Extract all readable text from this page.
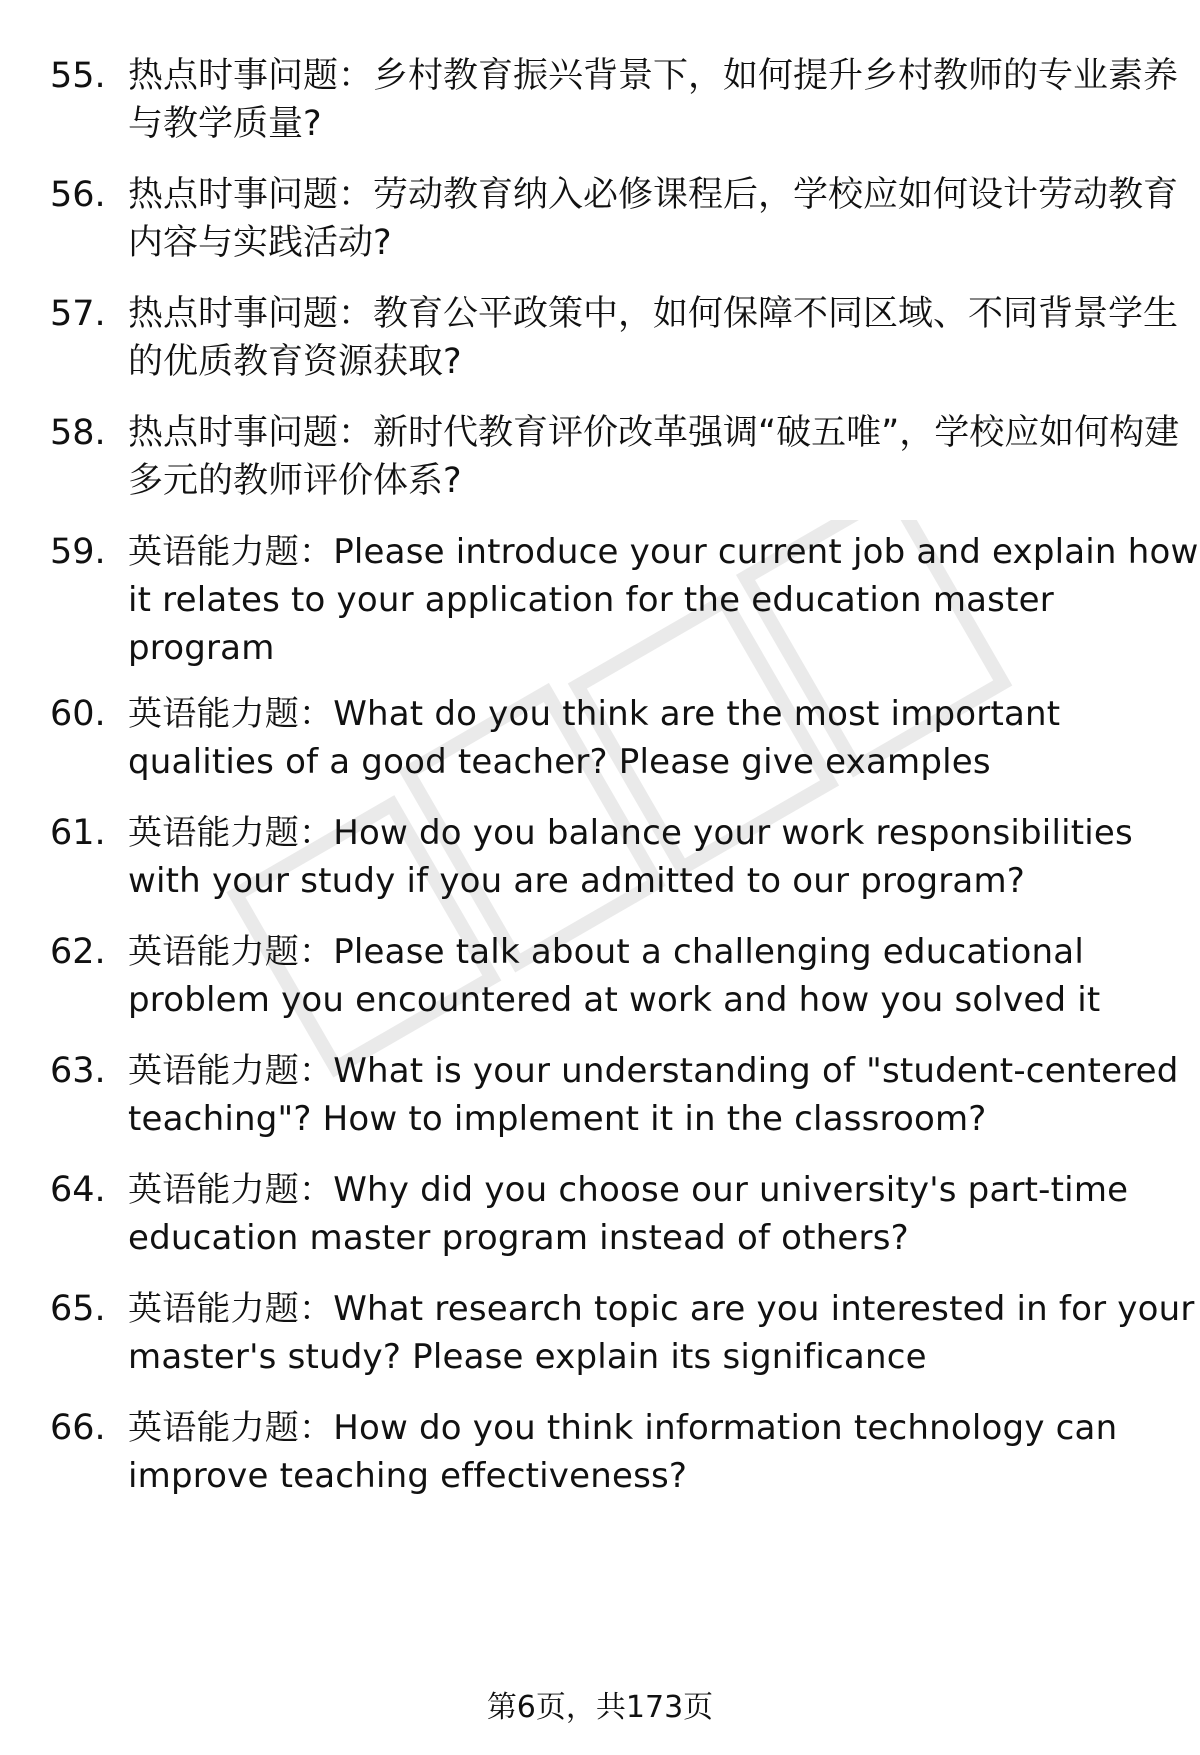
55. 热点时事问题：乡村教育振兴背景下，如何提升乡村教师的专业素养与教学质量?
56. 热点时事问题：劳动教育纳入必修课程后，学校应如何设计劳动教育内容与实践活动?
57. 热点时事问题：教育公平政策中，如何保障不同区域、不同背景学生的优质教育资源获取?
58. 热点时事问题：新时代教育评价改革强调“破五唯”，学校应如何构建多元的教师评价体系?
59. 英语能力题：Please introduce your current job and explain how it relates to your application for the education master program
60. 英语能力题：What do you think are the most important qualities of a good teacher? Please give examples
61. 英语能力题：How do you balance your work responsibilities with your study if you are admitted to our program?
62. 英语能力题：Please talk about a challenging educational problem you encountered at work and how you solved it
63. 英语能力题：What is your understanding of "student-centered teaching"? How to implement it in the classroom?
64. 英语能力题：Why did you choose our university's part-time education master program instead of others?
65. 英语能力题：What research topic are you interested in for your master's study? Please explain its significance
66. 英语能力题：How do you think information technology can improve teaching effectiveness?
第6页，共173页
